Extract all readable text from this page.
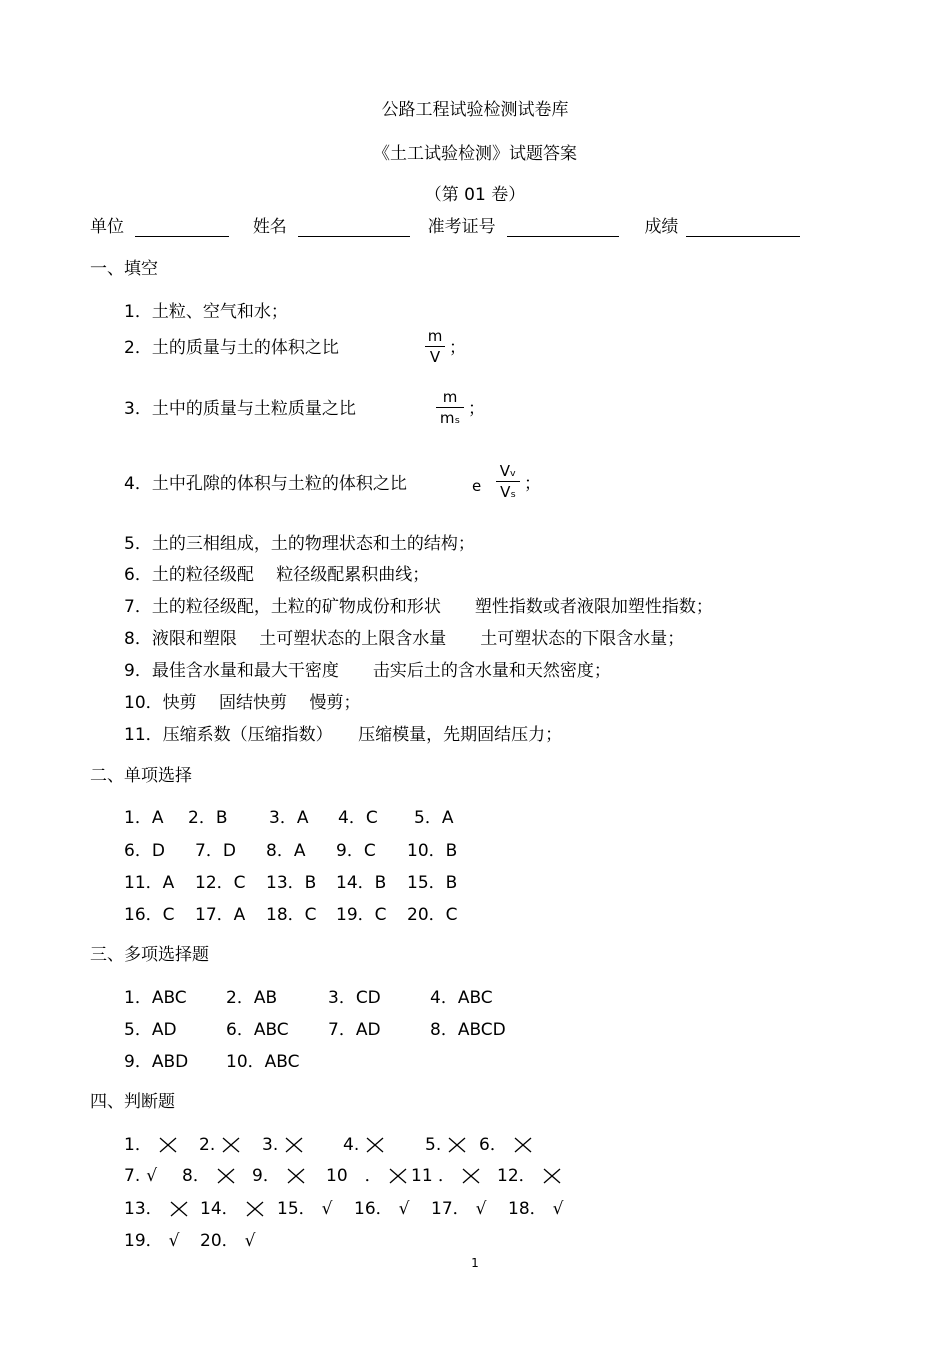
公路工程试验检测试卷库
《土工试验检测》试题答案
（第 01 卷）
单位	姓名	准考证号	成绩
一、填空
1．土粒、空气和水；
2．土的质量与土的体积之比
m
V ；
3．土中的质量与土粒质量之比
m
mₛ ；
4．土中孔隙的体积与土粒的体积之比	e
Vᵥ
Vₛ ；
5．土的三相组成，土的物理状态和土的结构；
6．土的粒径级配　 粒径级配累积曲线；
7．土的粒径级配，土粒的矿物成份和形状　　塑性指数或者液限加塑性指数；
8．液限和塑限　 土可塑状态的上限含水量　　土可塑状态的下限含水量；
9．最佳含水量和最大干密度　　击实后土的含水量和天然密度；
10．快剪　 固结快剪　 慢剪；
11．压缩系数（压缩指数）　　压缩模量，先期固结压力；
二、单项选择
1．A 2．B 3．A 4．C 5．A
6．D 7．D 8．A 9．C 10．B
11．A 12．C 13．B 14．B 15．B
16．C 17．A 18．C 19．C 20．C
三、多项选择题
1．ABC 2．AB	3．CD	4．ABC
5．AD	6．ABC 7．AD	8．ABCD
9．ABD 10．ABC
四、判断题
1．	2.	3.	4.	5.	6．
7. √ 8．	9．	10　．	11 ．	12．
13．	14．	15． √ 16． √ 17． √ 18． √
19． √ 20． √
1
